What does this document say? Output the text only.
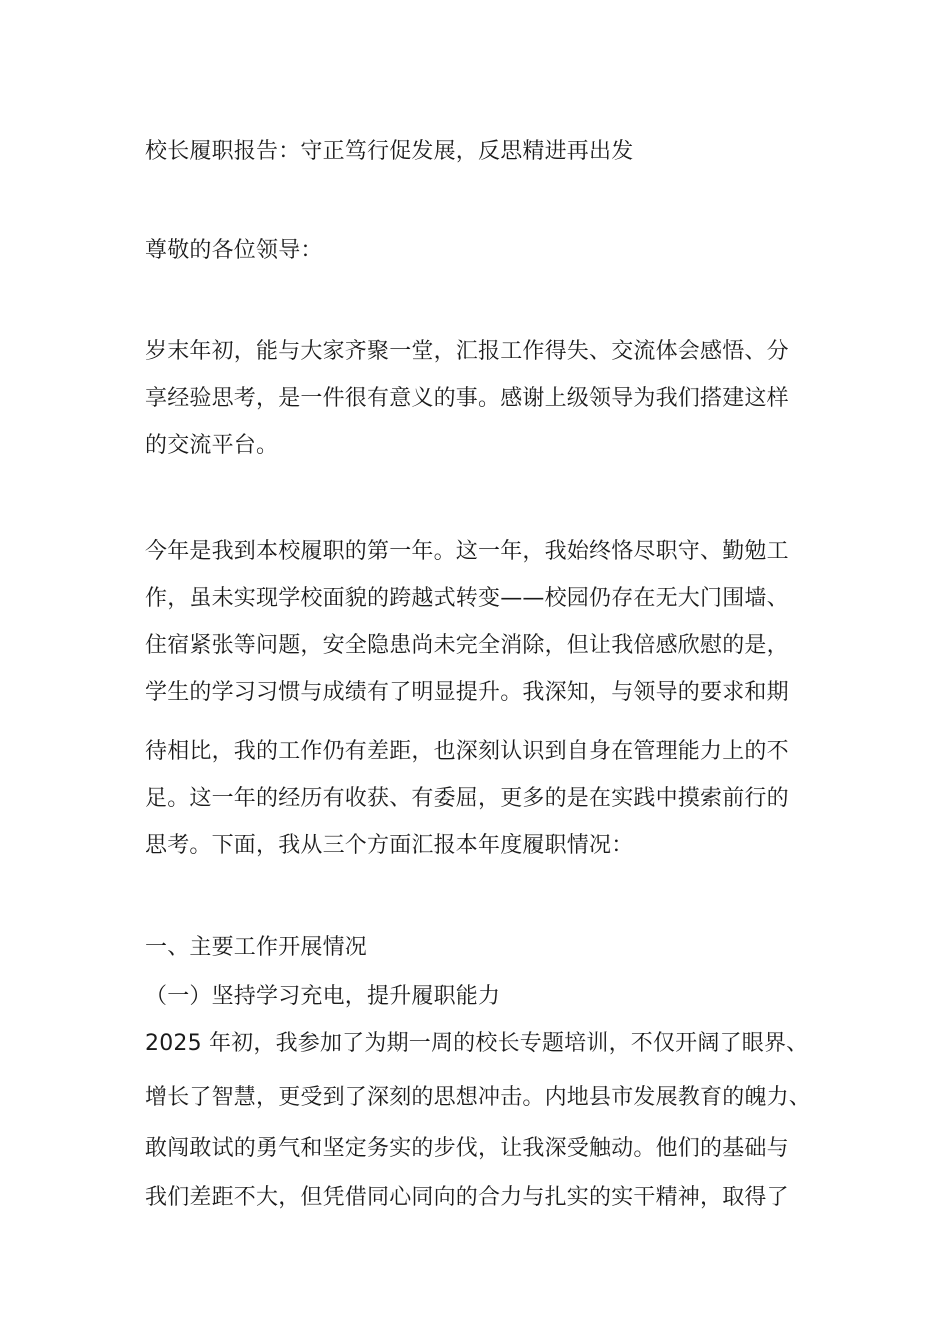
校长履职报告：守正笃行促发展，反思精进再出发
尊敬的各位领导：
岁末年初，能与大家齐聚一堂，汇报工作得失、交流体会感悟、分
享经验思考，是一件很有意义的事。感谢上级领导为我们搭建这样
的交流平台。
今年是我到本校履职的第一年。这一年，我始终恪尽职守、勤勉工
作，虽未实现学校面貌的跨越式转变——校园仍存在无大门围墙、
住宿紧张等问题，安全隐患尚未完全消除，但让我倍感欣慰的是，
学生的学习习惯与成绩有了明显提升。我深知，与领导的要求和期
待相比，我的工作仍有差距，也深刻认识到自身在管理能力上的不
足。这一年的经历有收获、有委屈，更多的是在实践中摸索前行的
思考。下面，我从三个方面汇报本年度履职情况：
一、主要工作开展情况
（一）坚持学习充电，提升履职能力
2025 年初，我参加了为期一周的校长专题培训，不仅开阔了眼界、
增长了智慧，更受到了深刻的思想冲击。内地县市发展教育的魄力、
敢闯敢试的勇气和坚定务实的步伐，让我深受触动。他们的基础与
我们差距不大，但凭借同心同向的合力与扎实的实干精神，取得了
